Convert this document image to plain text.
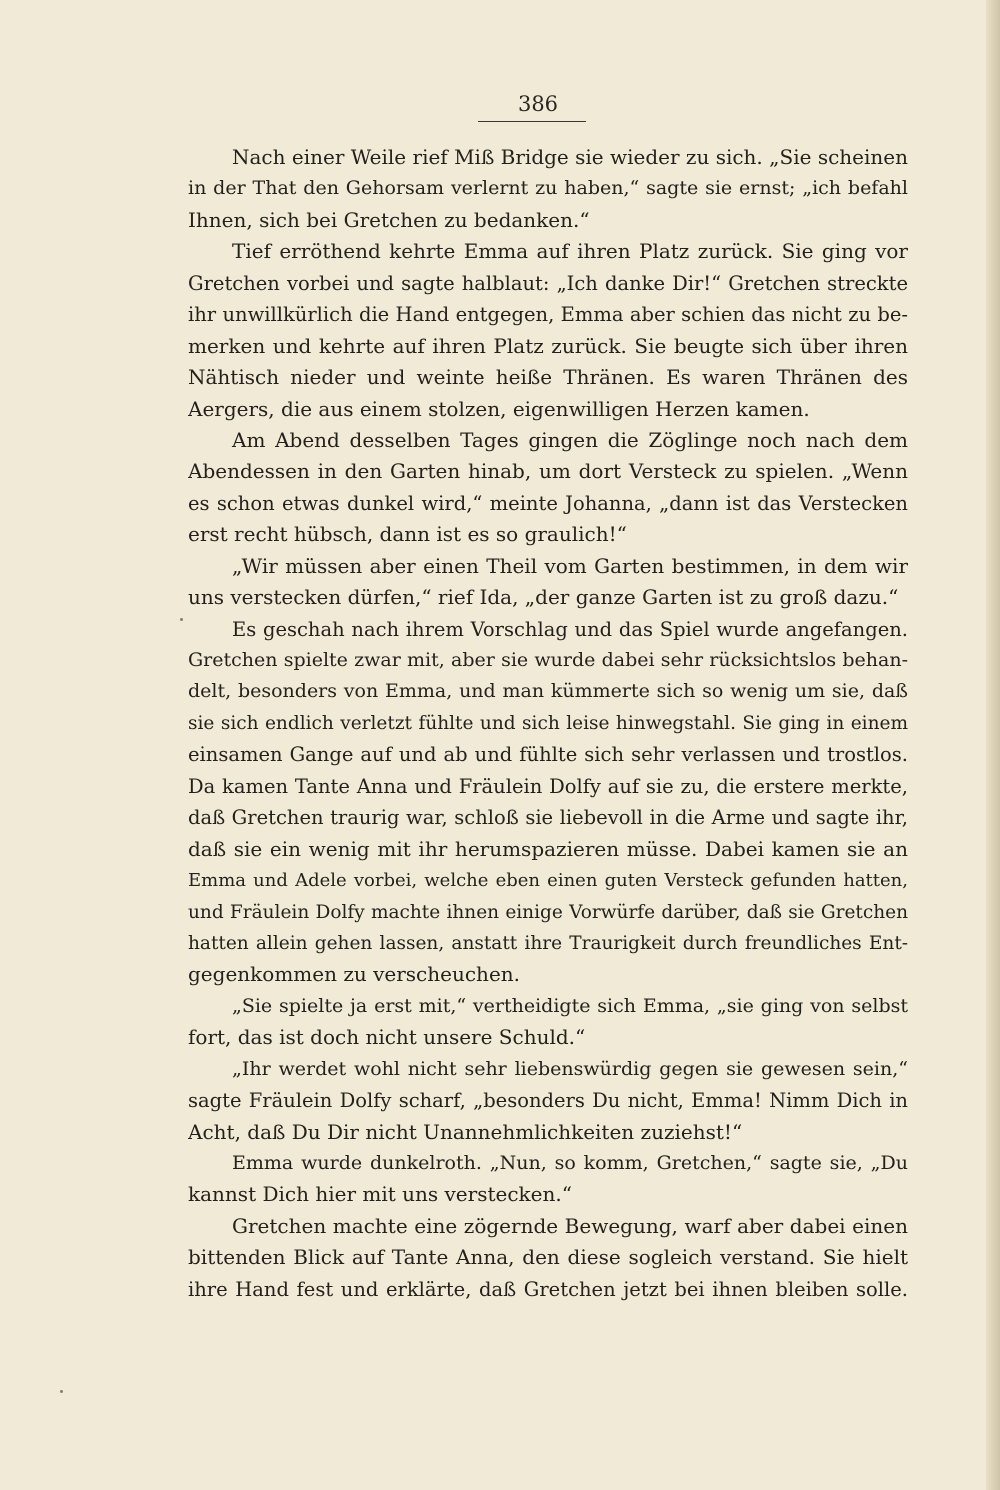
386
Nach einer Weile rief Miß Bridge sie wieder zu sich. „Sie scheinen
in der That den Gehorsam verlernt zu haben,“ sagte sie ernst; „ich befahl
Ihnen, sich bei Gretchen zu bedanken.“
Tief erröthend kehrte Emma auf ihren Platz zurück. Sie ging vor
Gretchen vorbei und sagte halblaut: „Ich danke Dir!“ Gretchen streckte
ihr unwillkürlich die Hand entgegen, Emma aber schien das nicht zu be-
merken und kehrte auf ihren Platz zurück. Sie beugte sich über ihren
Nähtisch nieder und weinte heiße Thränen. Es waren Thränen des
Aergers, die aus einem stolzen, eigenwilligen Herzen kamen.
Am Abend desselben Tages gingen die Zöglinge noch nach dem
Abendessen in den Garten hinab, um dort Versteck zu spielen. „Wenn
es schon etwas dunkel wird,“ meinte Johanna, „dann ist das Verstecken
erst recht hübsch, dann ist es so graulich!“
„Wir müssen aber einen Theil vom Garten bestimmen, in dem wir
uns verstecken dürfen,“ rief Ida, „der ganze Garten ist zu groß dazu.“
Es geschah nach ihrem Vorschlag und das Spiel wurde angefangen.
Gretchen spielte zwar mit, aber sie wurde dabei sehr rücksichtslos behan-
delt, besonders von Emma, und man kümmerte sich so wenig um sie, daß
sie sich endlich verletzt fühlte und sich leise hinwegstahl. Sie ging in einem
einsamen Gange auf und ab und fühlte sich sehr verlassen und trostlos.
Da kamen Tante Anna und Fräulein Dolfy auf sie zu, die erstere merkte,
daß Gretchen traurig war, schloß sie liebevoll in die Arme und sagte ihr,
daß sie ein wenig mit ihr herumspazieren müsse. Dabei kamen sie an
Emma und Adele vorbei, welche eben einen guten Versteck gefunden hatten,
und Fräulein Dolfy machte ihnen einige Vorwürfe darüber, daß sie Gretchen
hatten allein gehen lassen, anstatt ihre Traurigkeit durch freundliches Ent-
gegenkommen zu verscheuchen.
„Sie spielte ja erst mit,“ vertheidigte sich Emma, „sie ging von selbst
fort, das ist doch nicht unsere Schuld.“
„Ihr werdet wohl nicht sehr liebenswürdig gegen sie gewesen sein,“
sagte Fräulein Dolfy scharf, „besonders Du nicht, Emma! Nimm Dich in
Acht, daß Du Dir nicht Unannehmlichkeiten zuziehst!“
Emma wurde dunkelroth. „Nun, so komm, Gretchen,“ sagte sie, „Du
kannst Dich hier mit uns verstecken.“
Gretchen machte eine zögernde Bewegung, warf aber dabei einen
bittenden Blick auf Tante Anna, den diese sogleich verstand. Sie hielt
ihre Hand fest und erklärte, daß Gretchen jetzt bei ihnen bleiben solle.
